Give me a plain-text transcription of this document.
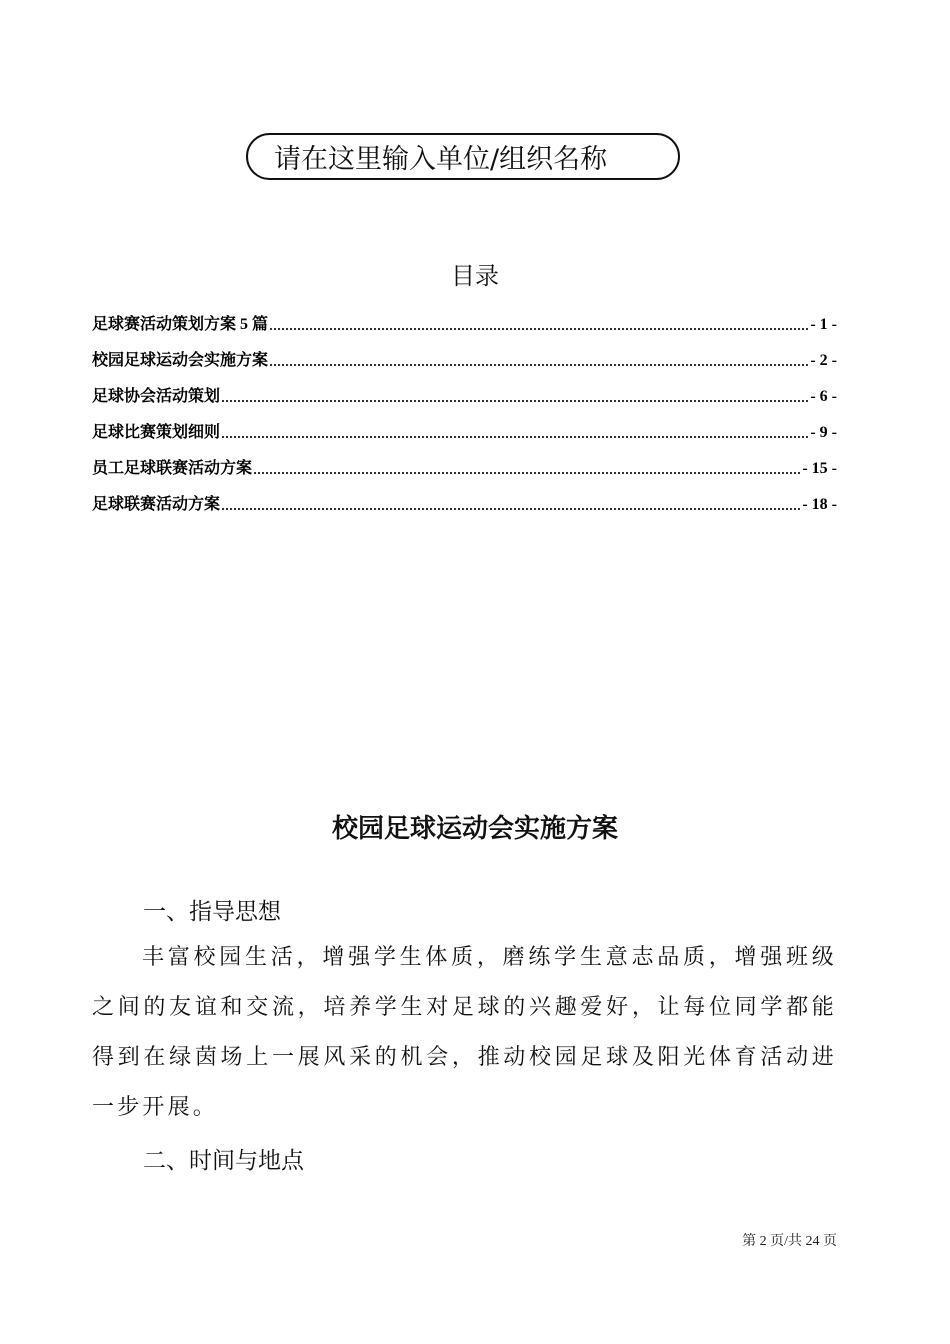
请在这里输入单位/组织名称
目录
足球赛活动策划方案 5 篇	- 1 -
校园足球运动会实施方案	- 2 -
足球协会活动策划	- 6 -
足球比赛策划细则	- 9 -
员工足球联赛活动方案	- 15 -
足球联赛活动方案	- 18 -
校园足球运动会实施方案
一、指导思想
丰富校园生活，增强学生体质，磨练学生意志品质，增强班级之间的友谊和交流，培养学生对足球的兴趣爱好，让每位同学都能得到在绿茵场上一展风采的机会，推动校园足球及阳光体育活动进一步开展。
二、时间与地点
第 2 页/共 24 页
